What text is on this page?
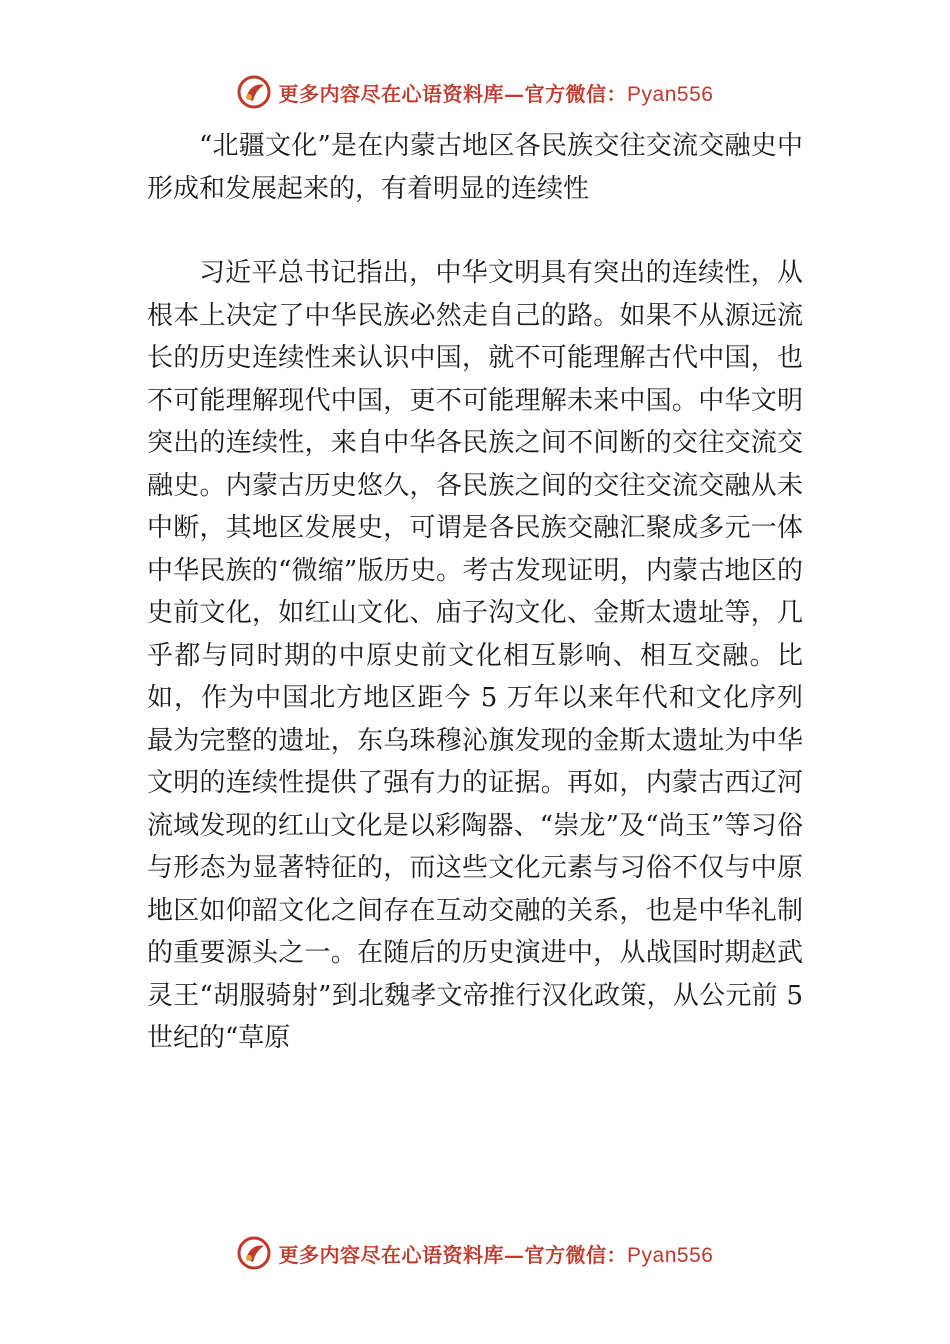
更多内容尽在心语资料库—官方微信：Pyan556

“北疆文化”是在内蒙古地区各民族交往交流交融史中形成和发展起来的，有着明显的连续性

习近平总书记指出，中华文明具有突出的连续性，从根本上决定了中华民族必然走自己的路。如果不从源远流长的历史连续性来认识中国，就不可能理解古代中国，也不可能理解现代中国，更不可能理解未来中国。中华文明突出的连续性，来自中华各民族之间不间断的交往交流交融史。内蒙古历史悠久，各民族之间的交往交流交融从未中断，其地区发展史，可谓是各民族交融汇聚成多元一体中华民族的“微缩”版历史。考古发现证明，内蒙古地区的史前文化，如红山文化、庙子沟文化、金斯太遗址等，几乎都与同时期的中原史前文化相互影响、相互交融。比如，作为中国北方地区距今 5 万年以来年代和文化序列最为完整的遗址，东乌珠穆沁旗发现的金斯太遗址为中华文明的连续性提供了强有力的证据。再如，内蒙古西辽河流域发现的红山文化是以彩陶器、“崇龙”及“尚玉”等习俗与形态为显著特征的，而这些文化元素与习俗不仅与中原地区如仰韶文化之间存在互动交融的关系，也是中华礼制的重要源头之一。在随后的历史演进中，从战国时期赵武灵王“胡服骑射”到北魏孝文帝推行汉化政策，从公元前 5 世纪的“草原

更多内容尽在心语资料库—官方微信：Pyan556
